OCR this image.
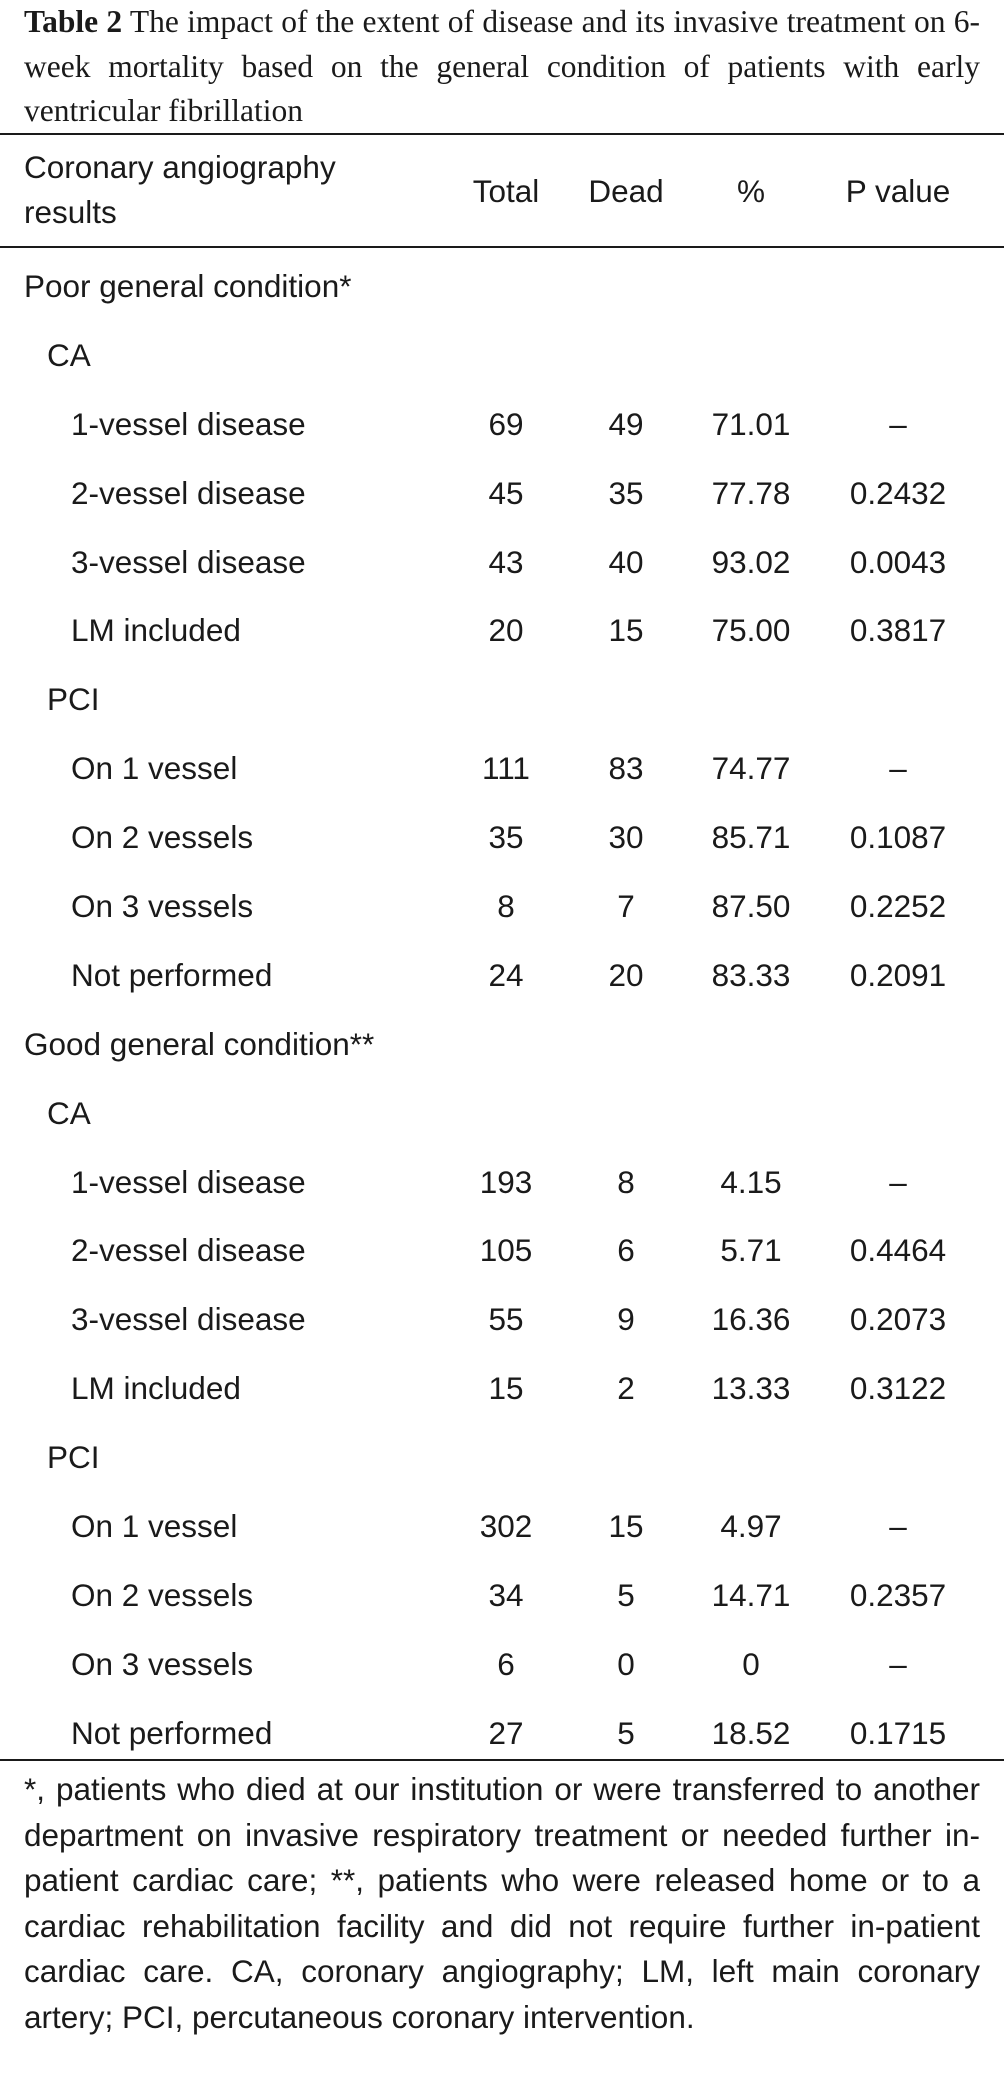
Table 2 The impact of the extent of disease and its invasive treatment on 6-week mortality based on the general condition of patients with early ventricular fibrillation
Coronary angiography results
Total	Dead	%	P value
Poor general condition*
CA
1-vessel disease	69	49	71.01	–
2-vessel disease	45	35	77.78	0.2432
3-vessel disease	43	40	93.02	0.0043
LM included	20	15	75.00	0.3817
PCI
On 1 vessel	111	83	74.77	–
On 2 vessels	35	30	85.71	0.1087
On 3 vessels	8	7	87.50	0.2252
Not performed	24	20	83.33	0.2091
Good general condition**
CA
1-vessel disease	193	8	4.15	–
2-vessel disease	105	6	5.71	0.4464
3-vessel disease	55	9	16.36	0.2073
LM included	15	2	13.33	0.3122
PCI
On 1 vessel	302	15	4.97	–
On 2 vessels	34	5	14.71	0.2357
On 3 vessels	6	0	0	–
Not performed	27	5	18.52	0.1715
*, patients who died at our institution or were transferred to another department on invasive respiratory treatment or needed further in-patient cardiac care; **, patients who were released home or to a cardiac rehabilitation facility and did not require further in-patient cardiac care. CA, coronary angiography; LM, left main coronary artery; PCI, percutaneous coronary intervention.
